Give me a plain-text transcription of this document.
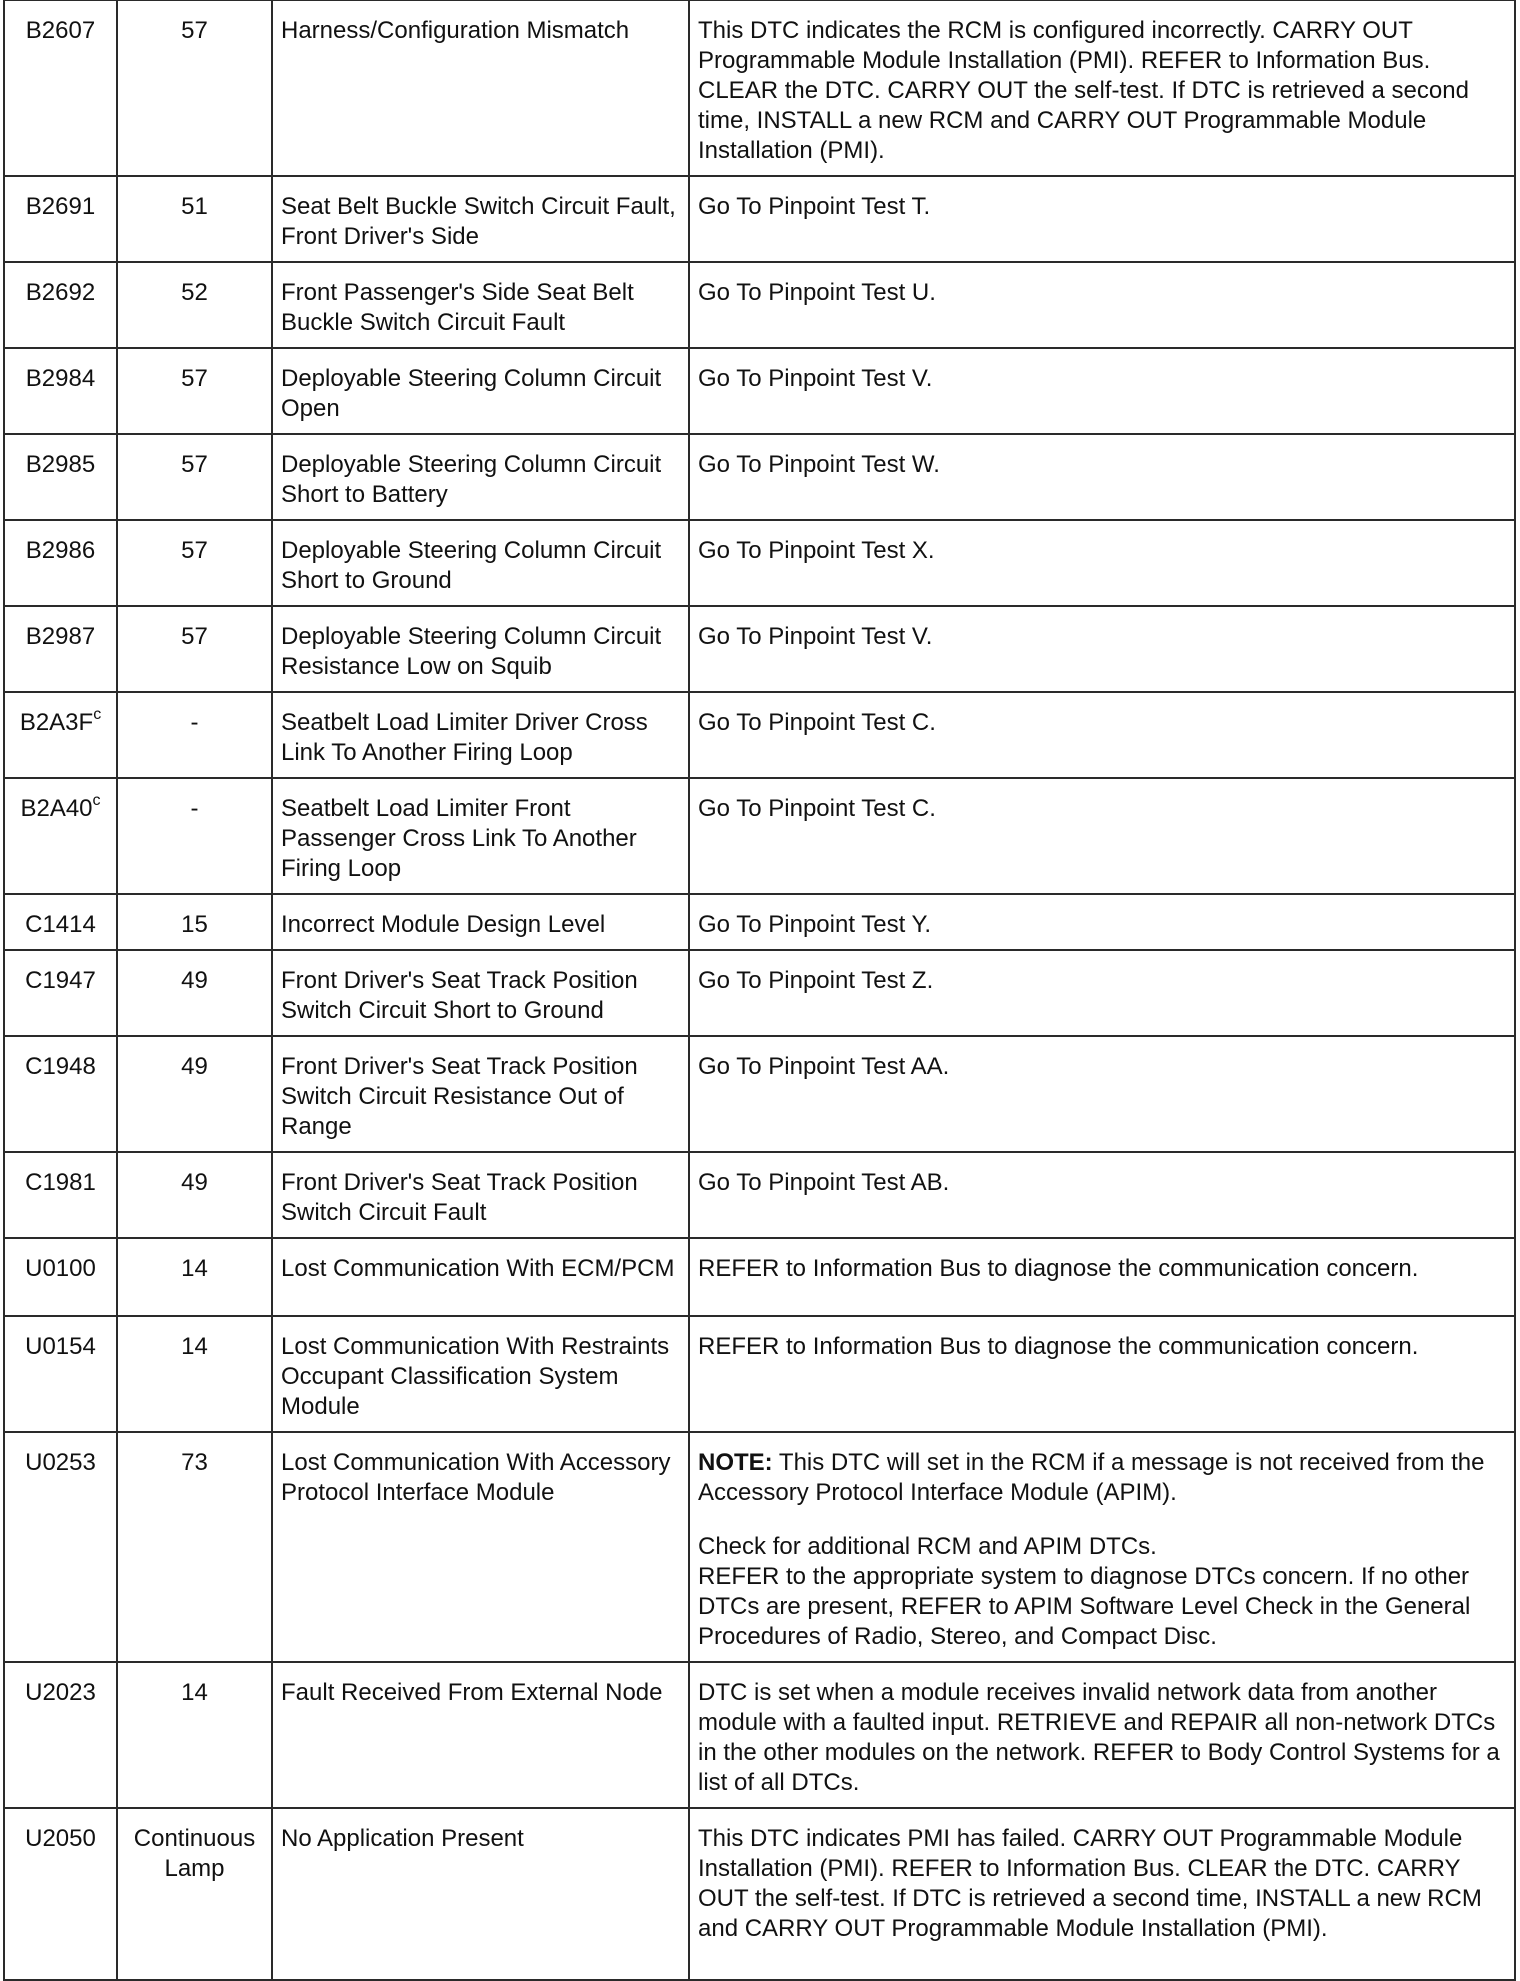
B2607	57	Harness/Configuration Mismatch	This DTC indicates the RCM is configured incorrectly. CARRY OUT Programmable Module Installation (PMI). REFER to Information Bus. CLEAR the DTC. CARRY OUT the self-test. If DTC is retrieved a second time, INSTALL a new RCM and CARRY OUT Programmable Module Installation (PMI).

B2691	51	Seat Belt Buckle Switch Circuit Fault, Front Driver's Side	Go To Pinpoint Test T.

B2692	52	Front Passenger's Side Seat Belt Buckle Switch Circuit Fault	Go To Pinpoint Test U.

B2984	57	Deployable Steering Column Circuit Open	Go To Pinpoint Test V.

B2985	57	Deployable Steering Column Circuit Short to Battery	Go To Pinpoint Test W.

B2986	57	Deployable Steering Column Circuit Short to Ground	Go To Pinpoint Test X.

B2987	57	Deployable Steering Column Circuit Resistance Low on Squib	Go To Pinpoint Test V.

$B2A3F^c$	-	Seatbelt Load Limiter Driver Cross Link To Another Firing Loop	Go To Pinpoint Test C.

B2A40$^c$	-	Seatbelt Load Limiter Front Passenger Cross Link To Another Firing Loop	Go To Pinpoint Test C.

C1414	15	Incorrect Module Design Level	Go To Pinpoint Test Y.

C1947	49	Front Driver's Seat Track Position Switch Circuit Short to Ground	Go To Pinpoint Test Z.

C1948	49	Front Driver's Seat Track Position Switch Circuit Resistance Out of Range	Go To Pinpoint Test AA.

C1981	49	Front Driver's Seat Track Position Switch Circuit Fault	Go To Pinpoint Test AB.

U0100	14	Lost Communication With ECM/PCM	REFER to Information Bus to diagnose the communication concern.

U0154	14	Lost Communication With Restraints Occupant Classification System Module	REFER to Information Bus to diagnose the communication concern.

U0253	73	Lost Communication With Accessory Protocol Interface Module	NOTE: This DTC will set in the RCM if a message is not received from the Accessory Protocol Interface Module (APIM).
Check for additional RCM and APIM DTCs.
REFER to the appropriate system to diagnose DTCs concern. If no other DTCs are present, REFER to APIM Software Level Check in the General Procedures of Radio, Stereo, and Compact Disc.

U2023	14	Fault Received From External Node	DTC is set when a module receives invalid network data from another module with a faulted input. RETRIEVE and REPAIR all non-network DTCs in the other modules on the network. REFER to Body Control Systems for a list of all DTCs.

U2050	Continuous Lamp	No Application Present	This DTC indicates PMI has failed. CARRY OUT Programmable Module Installation (PMI). REFER to Information Bus. CLEAR the DTC. CARRY OUT the self-test. If DTC is retrieved a second time, INSTALL a new RCM and CARRY OUT Programmable Module Installation (PMI).
